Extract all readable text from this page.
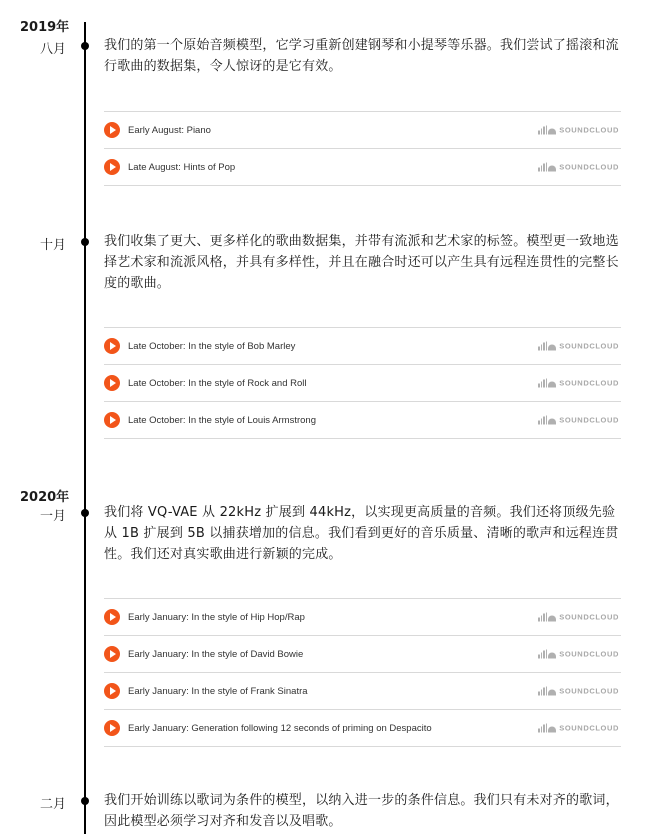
2019年
八月	我们的第一个原始音频模型，它学习重新创建钢琴和小提琴等乐器。我们尝试了摇滚和流行歌曲的数据集，令人惊讶的是它有效。
Early August: Piano	SOUNDCLOUD
Late August: Hints of Pop	SOUNDCLOUD
十月	我们收集了更大、更多样化的歌曲数据集，并带有流派和艺术家的标签。模型更一致地选择艺术家和流派风格，并具有多样性，并且在融合时还可以产生具有远程连贯性的完整长度的歌曲。
Late October: In the style of Bob Marley	SOUNDCLOUD
Late October: In the style of Rock and Roll	SOUNDCLOUD
Late October: In the style of Louis Armstrong	SOUNDCLOUD
2020年
一月	我们将 VQ-VAE 从 22kHz 扩展到 44kHz，以实现更高质量的音频。我们还将顶级先验从 1B 扩展到 5B 以捕获增加的信息。我们看到更好的音乐质量、清晰的歌声和远程连贯性。我们还对真实歌曲进行新颖的完成。
Early January: In the style of Hip Hop/Rap	SOUNDCLOUD
Early January: In the style of David Bowie	SOUNDCLOUD
Early January: In the style of Frank Sinatra	SOUNDCLOUD
Early January: Generation following 12 seconds of priming on Despacito	SOUNDCLOUD
二月	我们开始训练以歌词为条件的模型，以纳入进一步的条件信息。我们只有未对齐的歌词，因此模型必须学习对齐和发音以及唱歌。
